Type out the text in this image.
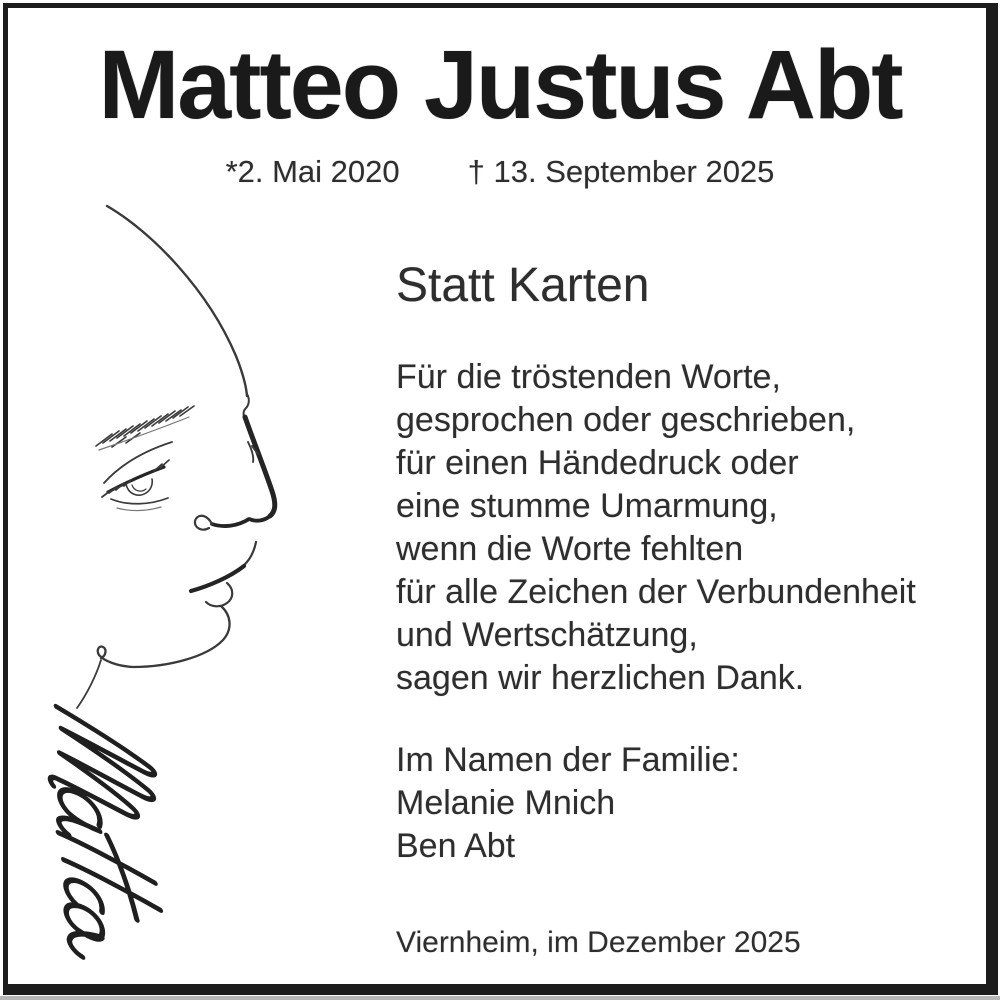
Matteo Justus Abt
*2. Mai 2020 † 13. September 2025
Statt Karten
Für die tröstenden Worte,
gesprochen oder geschrieben,
für einen Händedruck oder
eine stumme Umarmung,
wenn die Worte fehlten
für alle Zeichen der Verbundenheit
und Wertschätzung,
sagen wir herzlichen Dank.
Im Namen der Familie:
Melanie Mnich
Ben Abt
Viernheim, im Dezember 2025
